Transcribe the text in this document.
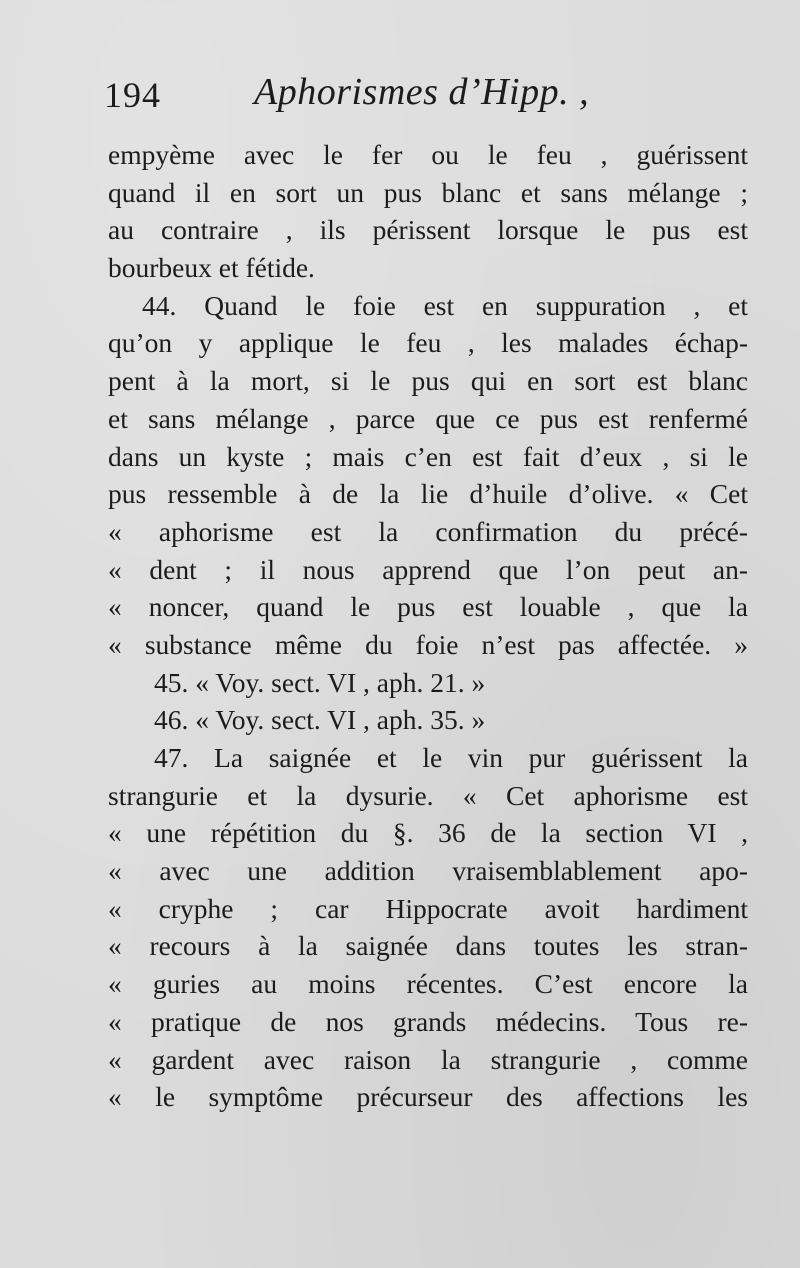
194 Aphorismes d’Hipp. ,
empyème avec le fer ou le feu , guérissent
quand il en sort un pus blanc et sans mélange ;
au contraire , ils périssent lorsque le pus est
bourbeux et fétide.
44. Quand le foie est en suppuration , et
qu’on y applique le feu , les malades échap-
pent à la mort, si le pus qui en sort est blanc
et sans mélange , parce que ce pus est renfermé
dans un kyste ; mais c’en est fait d’eux , si le
pus ressemble à de la lie d’huile d’olive. « Cet
« aphorisme est la confirmation du précé-
« dent ; il nous apprend que l’on peut an-
« noncer, quand le pus est louable , que la
« substance même du foie n’est pas affectée. »
45. « Voy. sect. VI , aph. 21. »
46. « Voy. sect. VI , aph. 35. »
47. La saignée et le vin pur guérissent la
strangurie et la dysurie. « Cet aphorisme est
« une répétition du §. 36 de la section VI ,
« avec une addition vraisemblablement apo-
« cryphe ; car Hippocrate avoit hardiment
« recours à la saignée dans toutes les stran-
« guries au moins récentes. C’est encore la
« pratique de nos grands médecins. Tous re-
« gardent avec raison la strangurie , comme
« le symptôme précurseur des affections les
